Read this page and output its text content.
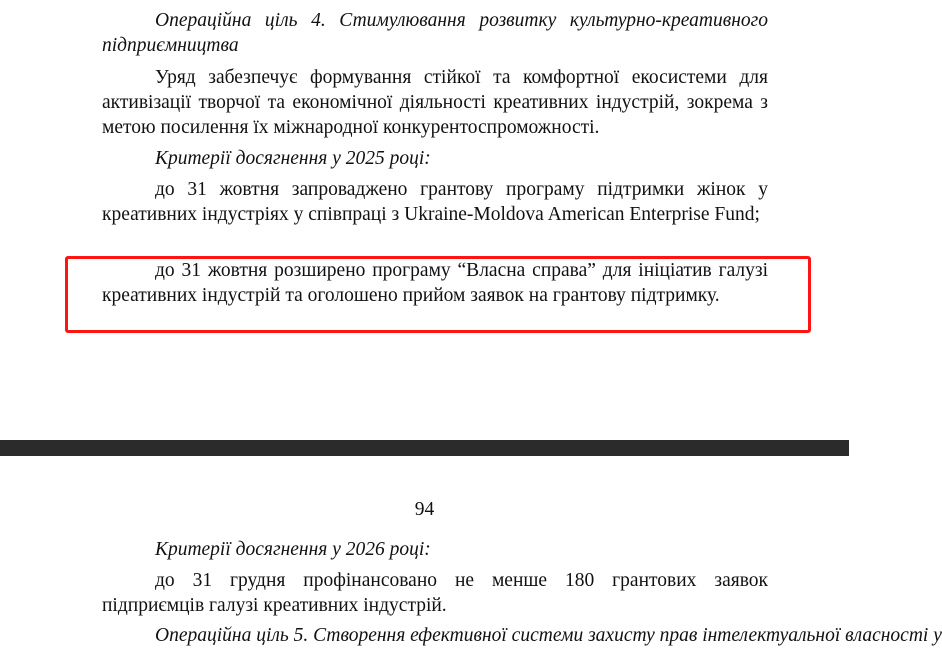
Операційна ціль 4. Стимулювання розвитку культурно-креативного підприємництва

Уряд забезпечує формування стійкої та комфортної екосистеми для активізації творчої та економічної діяльності креативних індустрій, зокрема з метою посилення їх міжнародної конкурентоспроможності.

Критерії досягнення у 2025 році:

до 31 жовтня запроваджено грантову програму підтримки жінок у креативних індустріях у співпраці з Ukraine-Moldova American Enterprise Fund;

до 31 жовтня розширено програму “Власна справа” для ініціатив галузі креативних індустрій та оголошено прийом заявок на грантову підтримку.

94

Критерії досягнення у 2026 році:

до 31 грудня профінансовано не менше 180 грантових заявок підприємців галузі креативних індустрій.

Операційна ціль 5. Створення ефективної системи захисту прав інтелектуальної власності у
